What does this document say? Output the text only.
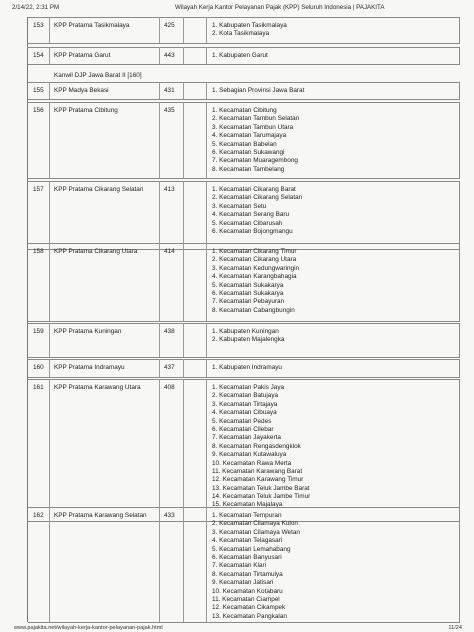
2/14/22, 2:31 PM	Wilayah Kerja Kantor Pelayanan Pajak (KPP) Seluruh Indonesia | PAJAKITA
153 KPP Pratama Tasikmalaya	425	1. Kabupaten Tasikmalaya
2. Kota Tasikmalaya
154 KPP Pratama Garut	443	1. Kabupaten Garut
Kanwil DJP Jawa Barat II [160]
155 KPP Madya Bekasi	431	1. Sebagian Provinsi Jawa Barat
156 KPP Pratama Cibitung	435	1. Kecamatan Cibitung
2. Kecamatan Tambun Selatan
3. Kecamatan Tambun Utara
4. Kecamatan Tarumajaya
5. Kecamatan Babelan
6. Kecamatan Sukawangi
7. Kecamatan Muaragembong
8. Kecamatan Tambelang
157 KPP Pratama Cikarang Selatan	413	1. Kecamatan Cikarang Barat
2. Kecamatan Cikarang Selatan
3. Kecamatan Setu
4. Kecamatan Serang Baru
5. Kecamatan Cibarusah
6. Kecamatan Bojongmangu
158 KPP Pratama Cikarang Utara	414	1. Kecamatan Cikarang Timur
2. Kecamatan Cikarang Utara
3. Kecamatan Kedungwaringin
4. Kecamatan Karangbahagia
5. Kecamatan Sukakarya
6. Kecamatan Sukakarya
7. Kecamatan Pebayuran
8. Kecamatan Cabangbungin
159 KPP Pratama Kuningan	438	1. Kabupaten Kuningan
2. Kabupaten Majalengka
160 KPP Pratama Indramayu	437	1. Kabupaten Indramayu
161 KPP Pratama Karawang Utara	408	1. Kecamatan Pakis Jaya
2. Kecamatan Batujaya
3. Kecamatan Tirtajaya
4. Kecamatan Cibuaya
5. Kecamatan Pedes
6. Kecamatan Cilebar
7. Kecamatan Jayakerta
8. Kecamatan Rengasdengklok
9. Kecamatan Kutawaluya
10. Kecamatan Rawa Merta
11. Kecamatan Karawang Barat
12. Kecamatan Karawang Timur
13. Kecamatan Teluk Jambe Barat
14. Kecamatan Teluk Jambe Timur
15. Kecamatan Majalaya
162 KPP Pratama Karawang Selatan	433	1. Kecamatan Tempuran
2. Kecamatan Cilamaya Kulon
3. Kecamatan Cilamaya Wetan
4. Kecamatan Telagasari
5. Kecamatan Lemahabang
6. Kecamatan Banyusari
7. Kecamatan Klari
8. Kecamatan Tirtamulya
9. Kecamatan Jatisari
10. Kecamatan Kotabaru
11. Kecamatan Ciampel
12. Kecamatan Cikampek
13. Kecamatan Pangkalan
www.pajakita.net/wilayah-kerja-kantor-pelayanan-pajak.html	11/24
